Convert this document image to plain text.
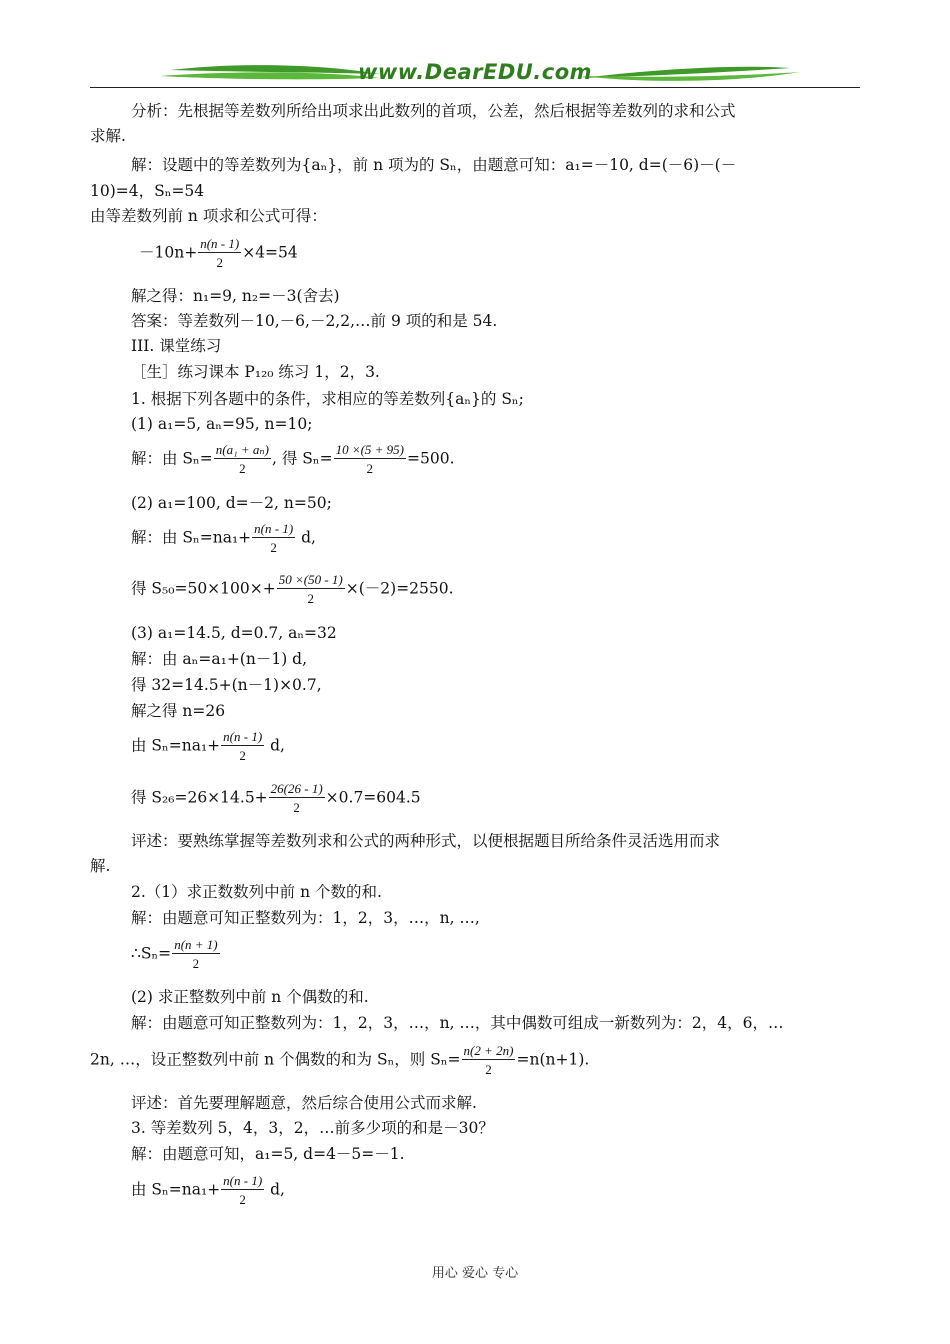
www.DearEDU.com
分析：先根据等差数列所给出项求出此数列的首项，公差，然后根据等差数列的求和公式
求解.
解：设题中的等差数列为{aₙ}，前 n 项为的 Sₙ，由题意可知：a₁=－10, d=(－6)－(－
10)=4，Sₙ=54
由等差数列前 n 项求和公式可得：
$-10n+ \frac{n(n - 1)}{2} \times 4=54$
解之得：n₁=9, n₂=－3(舍去)
答案：等差数列－10,－6,－2,2,…前 9 项的和是 54.
III. 课堂练习
［生］练习课本 P₁₂₀ 练习 1，2，3.
1. 根据下列各题中的条件，求相应的等差数列{aₙ}的 Sₙ;
(1) a₁=5, aₙ=95, n=10;
解：由 $S_n= \frac{\text{n(a₁ + aₙ)}}{2}$ , 得 $S_n= \frac{10 \times(5 + 95)}{2} =500$.
(2) a₁=100, d=－2, n=50;
解：由 $S_n=na_1+ \frac{n(n - 1)}{2} d$,
得 $S_{50}=50\times 100\times+ \frac{50 \times(50 - 1)}{2} \times(-2)=2550$.
(3) a₁=14.5, d=0.7, aₙ=32
解：由 aₙ=a₁+(n－1) d,
得 32=14.5+(n－1)×0.7,
解之得 n=26
由 $S_n=na_1+ \frac{n(n - 1)}{2} d$,
得 $S_{26}=26\times 14.5+ \frac{26(26 - 1)}{2} \times 0.7=604.5$
评述：要熟练掌握等差数列求和公式的两种形式，以便根据题目所给条件灵活选用而求
解.
2.（1）求正数数列中前 n 个数的和.
解：由题意可知正整数列为：1，2，3，…，n, …,
∴Sₙ= $\frac{n(n + 1)}{2}$
(2) 求正整数列中前 n 个偶数的和.
解：由题意可知正整数列为：1，2，3，…，n, …，其中偶数可组成一新数列为：2，4，6，…
2n, …，设正整数列中前 n 个偶数的和为 Sₙ，则 $S_n= \frac{n(2 + 2n)}{2} =n(n+1)$.
评述：首先要理解题意，然后综合使用公式而求解.
3. 等差数列 5，4，3，2，…前多少项的和是－30？
解：由题意可知，a₁=5, d=4－5=－1.
由 $S_n=na_1+ \frac{n(n - 1)}{2} d$,
用心 爱心 专心
